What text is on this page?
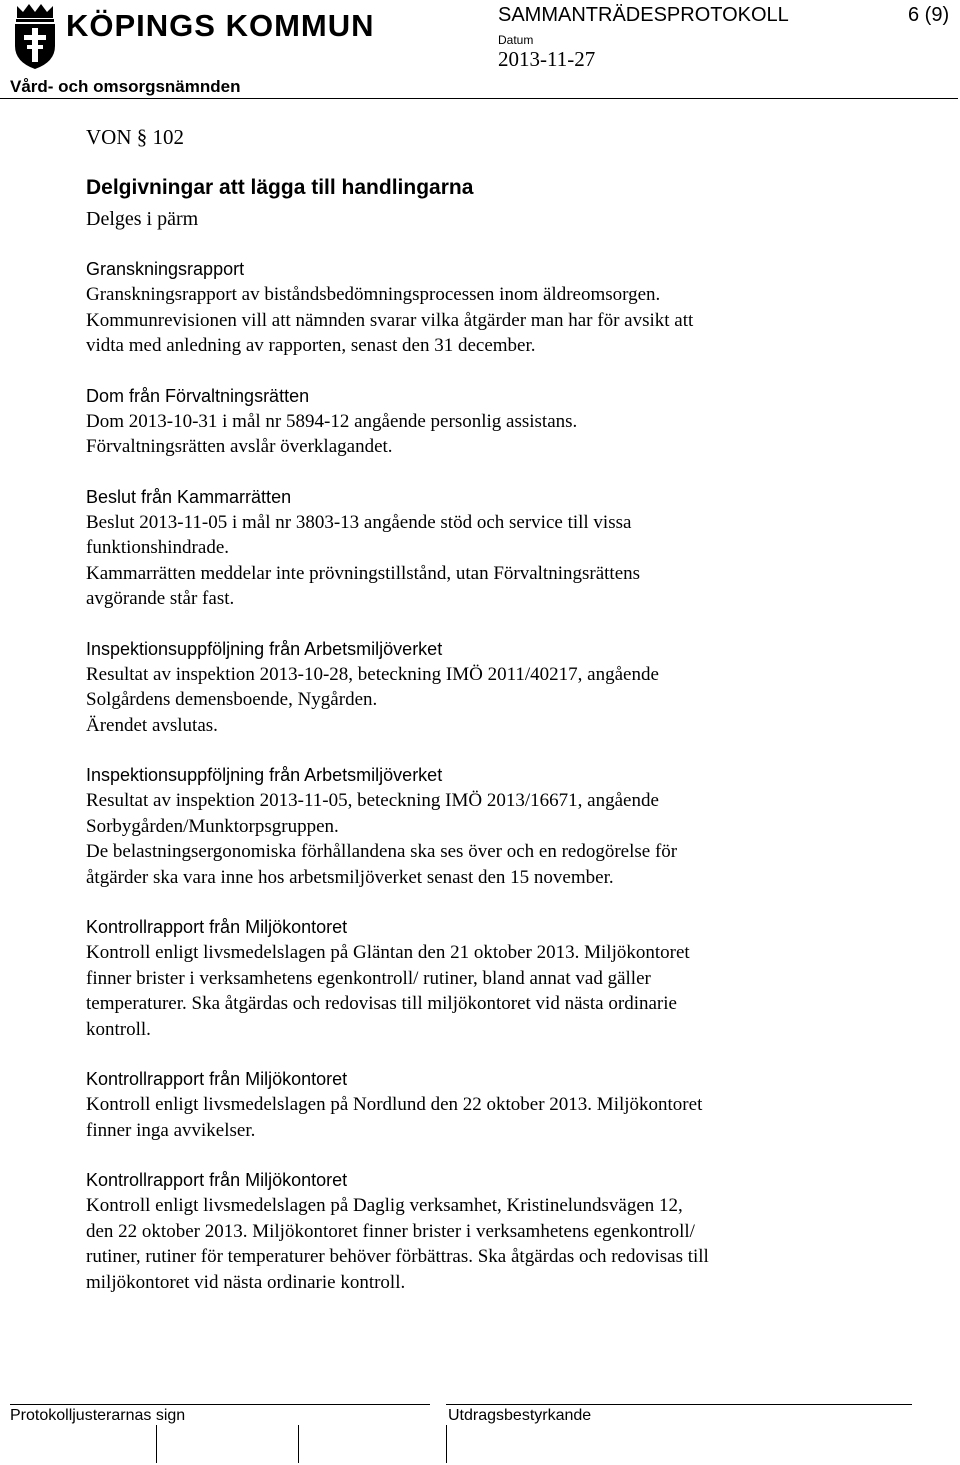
KÖPINGS KOMMUN	SAMMANTRÄDESPROTOKOLL	6 (9)
Datum
2013-11-27
Vård- och omsorgsnämnden
VON § 102
Delgivningar att lägga till handlingarna
Delges i pärm
Granskningsrapport
Granskningsrapport av biståndsbedömningsprocessen inom äldreomsorgen.
Kommunrevisionen vill att nämnden svarar vilka åtgärder man har för avsikt att
vidta med anledning av rapporten, senast den 31 december.
Dom från Förvaltningsrätten
Dom 2013-10-31 i mål nr 5894-12 angående personlig assistans.
Förvaltningsrätten avslår överklagandet.
Beslut från Kammarrätten
Beslut 2013-11-05 i mål nr 3803-13 angående stöd och service till vissa
funktionshindrade.
Kammarrätten meddelar inte prövningstillstånd, utan Förvaltningsrättens
avgörande står fast.
Inspektionsuppföljning från Arbetsmiljöverket
Resultat av inspektion 2013-10-28, beteckning IMÖ 2011/40217, angående
Solgårdens demensboende, Nygården.
Ärendet avslutas.
Inspektionsuppföljning från Arbetsmiljöverket
Resultat av inspektion 2013-11-05, beteckning IMÖ 2013/16671, angående
Sorbygården/Munktorpsgruppen.
De belastningsergonomiska förhållandena ska ses över och en redogörelse för
åtgärder ska vara inne hos arbetsmiljöverket senast den 15 november.
Kontrollrapport från Miljökontoret
Kontroll enligt livsmedelslagen på Gläntan den 21 oktober 2013. Miljökontoret
finner brister i verksamhetens egenkontroll/ rutiner, bland annat vad gäller
temperaturer. Ska åtgärdas och redovisas till miljökontoret vid nästa ordinarie
kontroll.
Kontrollrapport från Miljökontoret
Kontroll enligt livsmedelslagen på Nordlund den 22 oktober 2013. Miljökontoret
finner inga avvikelser.
Kontrollrapport från Miljökontoret
Kontroll enligt livsmedelslagen på Daglig verksamhet, Kristinelundsvägen 12,
den 22 oktober 2013. Miljökontoret finner brister i verksamhetens egenkontroll/
rutiner, rutiner för temperaturer behöver förbättras. Ska åtgärdas och redovisas till
miljökontoret vid nästa ordinarie kontroll.
Protokolljusterarnas sign	Utdragsbestyrkande
